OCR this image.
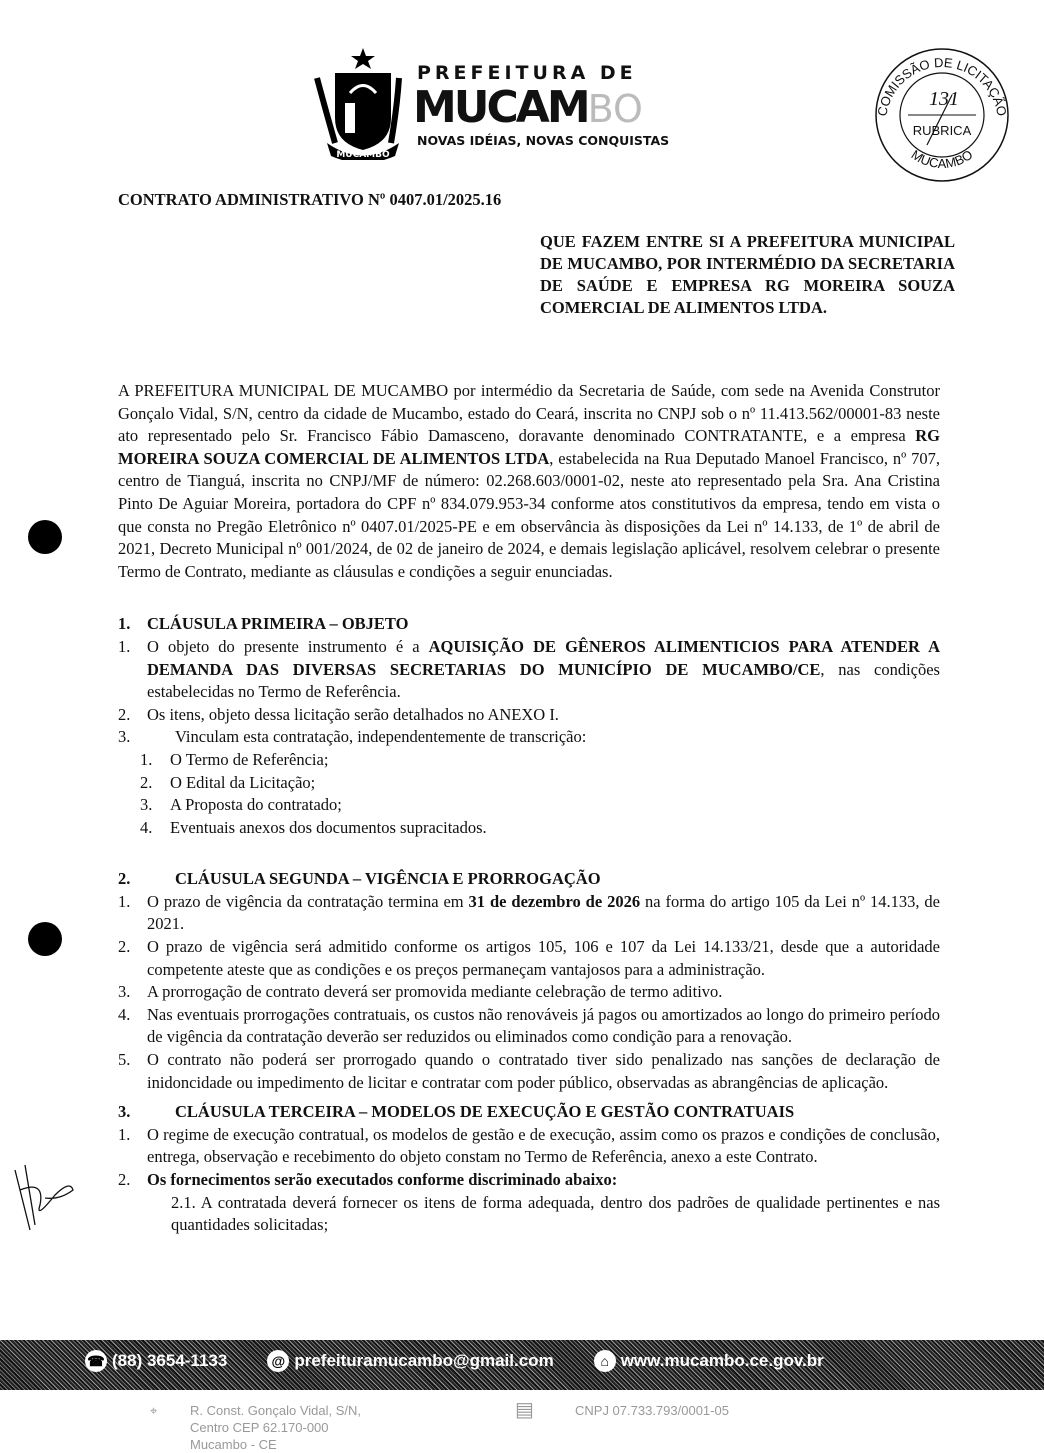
MUCAMBO
PREFEITURA DE
MUCAMBO
NOVAS IDÉIAS, NOVAS CONQUISTAS
COMISSÃO DE LICITAÇÃO
MUCAMBO
131
RUBRICA
CONTRATO ADMINISTRATIVO Nº 0407.01/2025.16
QUE FAZEM ENTRE SI A PREFEITURA MUNICIPAL DE MUCAMBO, POR INTERMÉDIO DA SECRETARIA DE SAÚDE E EMPRESA RG MOREIRA SOUZA COMERCIAL DE ALIMENTOS LTDA.
A PREFEITURA MUNICIPAL DE MUCAMBO por intermédio da Secretaria de Saúde, com sede na Avenida Construtor Gonçalo Vidal, S/N, centro da cidade de Mucambo, estado do Ceará, inscrita no CNPJ sob o nº 11.413.562/00001-83 neste ato representado pelo Sr. Francisco Fábio Damasceno, doravante denominado CONTRATANTE, e a empresa RG MOREIRA SOUZA COMERCIAL DE ALIMENTOS LTDA, estabelecida na Rua Deputado Manoel Francisco, nº 707, centro de Tianguá, inscrita no CNPJ/MF de número: 02.268.603/0001-02, neste ato representado pela Sra. Ana Cristina Pinto De Aguiar Moreira, portadora do CPF nº 834.079.953-34 conforme atos constitutivos da empresa, tendo em vista o que consta no Pregão Eletrônico nº 0407.01/2025-PE e em observância às disposições da Lei nº 14.133, de 1º de abril de 2021, Decreto Municipal nº 001/2024, de 02 de janeiro de 2024, e demais legislação aplicável, resolvem celebrar o presente Termo de Contrato, mediante as cláusulas e condições a seguir enunciadas.
1. CLÁUSULA PRIMEIRA – OBJETO
1. O objeto do presente instrumento é a AQUISIÇÃO DE GÊNEROS ALIMENTICIOS PARA ATENDER A DEMANDA DAS DIVERSAS SECRETARIAS DO MUNICÍPIO DE MUCAMBO/CE, nas condições estabelecidas no Termo de Referência.
2. Os itens, objeto dessa licitação serão detalhados no ANEXO I.
3.	Vinculam esta contratação, independentemente de transcrição:
1. O Termo de Referência;
2. O Edital da Licitação;
3. A Proposta do contratado;
4. Eventuais anexos dos documentos supracitados.
2.	CLÁUSULA SEGUNDA – VIGÊNCIA E PRORROGAÇÃO
1. O prazo de vigência da contratação termina em 31 de dezembro de 2026 na forma do artigo 105 da Lei nº 14.133, de 2021.
2. O prazo de vigência será admitido conforme os artigos 105, 106 e 107 da Lei 14.133/21, desde que a autoridade competente ateste que as condições e os preços permaneçam vantajosos para a administração.
3. A prorrogação de contrato deverá ser promovida mediante celebração de termo aditivo.
4. Nas eventuais prorrogações contratuais, os custos não renováveis já pagos ou amortizados ao longo do primeiro período de vigência da contratação deverão ser reduzidos ou eliminados como condição para a renovação.
5. O contrato não poderá ser prorrogado quando o contratado tiver sido penalizado nas sanções de declaração de inidoncidade ou impedimento de licitar e contratar com poder público, observadas as abrangências de aplicação.
3.	CLÁUSULA TERCEIRA – MODELOS DE EXECUÇÃO E GESTÃO CONTRATUAIS
1. O regime de execução contratual, os modelos de gestão e de execução, assim como os prazos e condições de conclusão, entrega, observação e recebimento do objeto constam no Termo de Referência, anexo a este Contrato.
2. Os fornecimentos serão executados conforme discriminado abaixo:
2.1. A contratada deverá fornecer os itens de forma adequada, dentro dos padrões de qualidade pertinentes e nas quantidades solicitadas;
☎ (88) 3654-1133	@ prefeituramucambo@gmail.com	⌂ www.mucambo.ce.gov.br
⌖	R. Const. Gonçalo Vidal, S/N,
Centro CEP 62.170-000
Mucambo - CE
▤	CNPJ 07.733.793/0001-05
